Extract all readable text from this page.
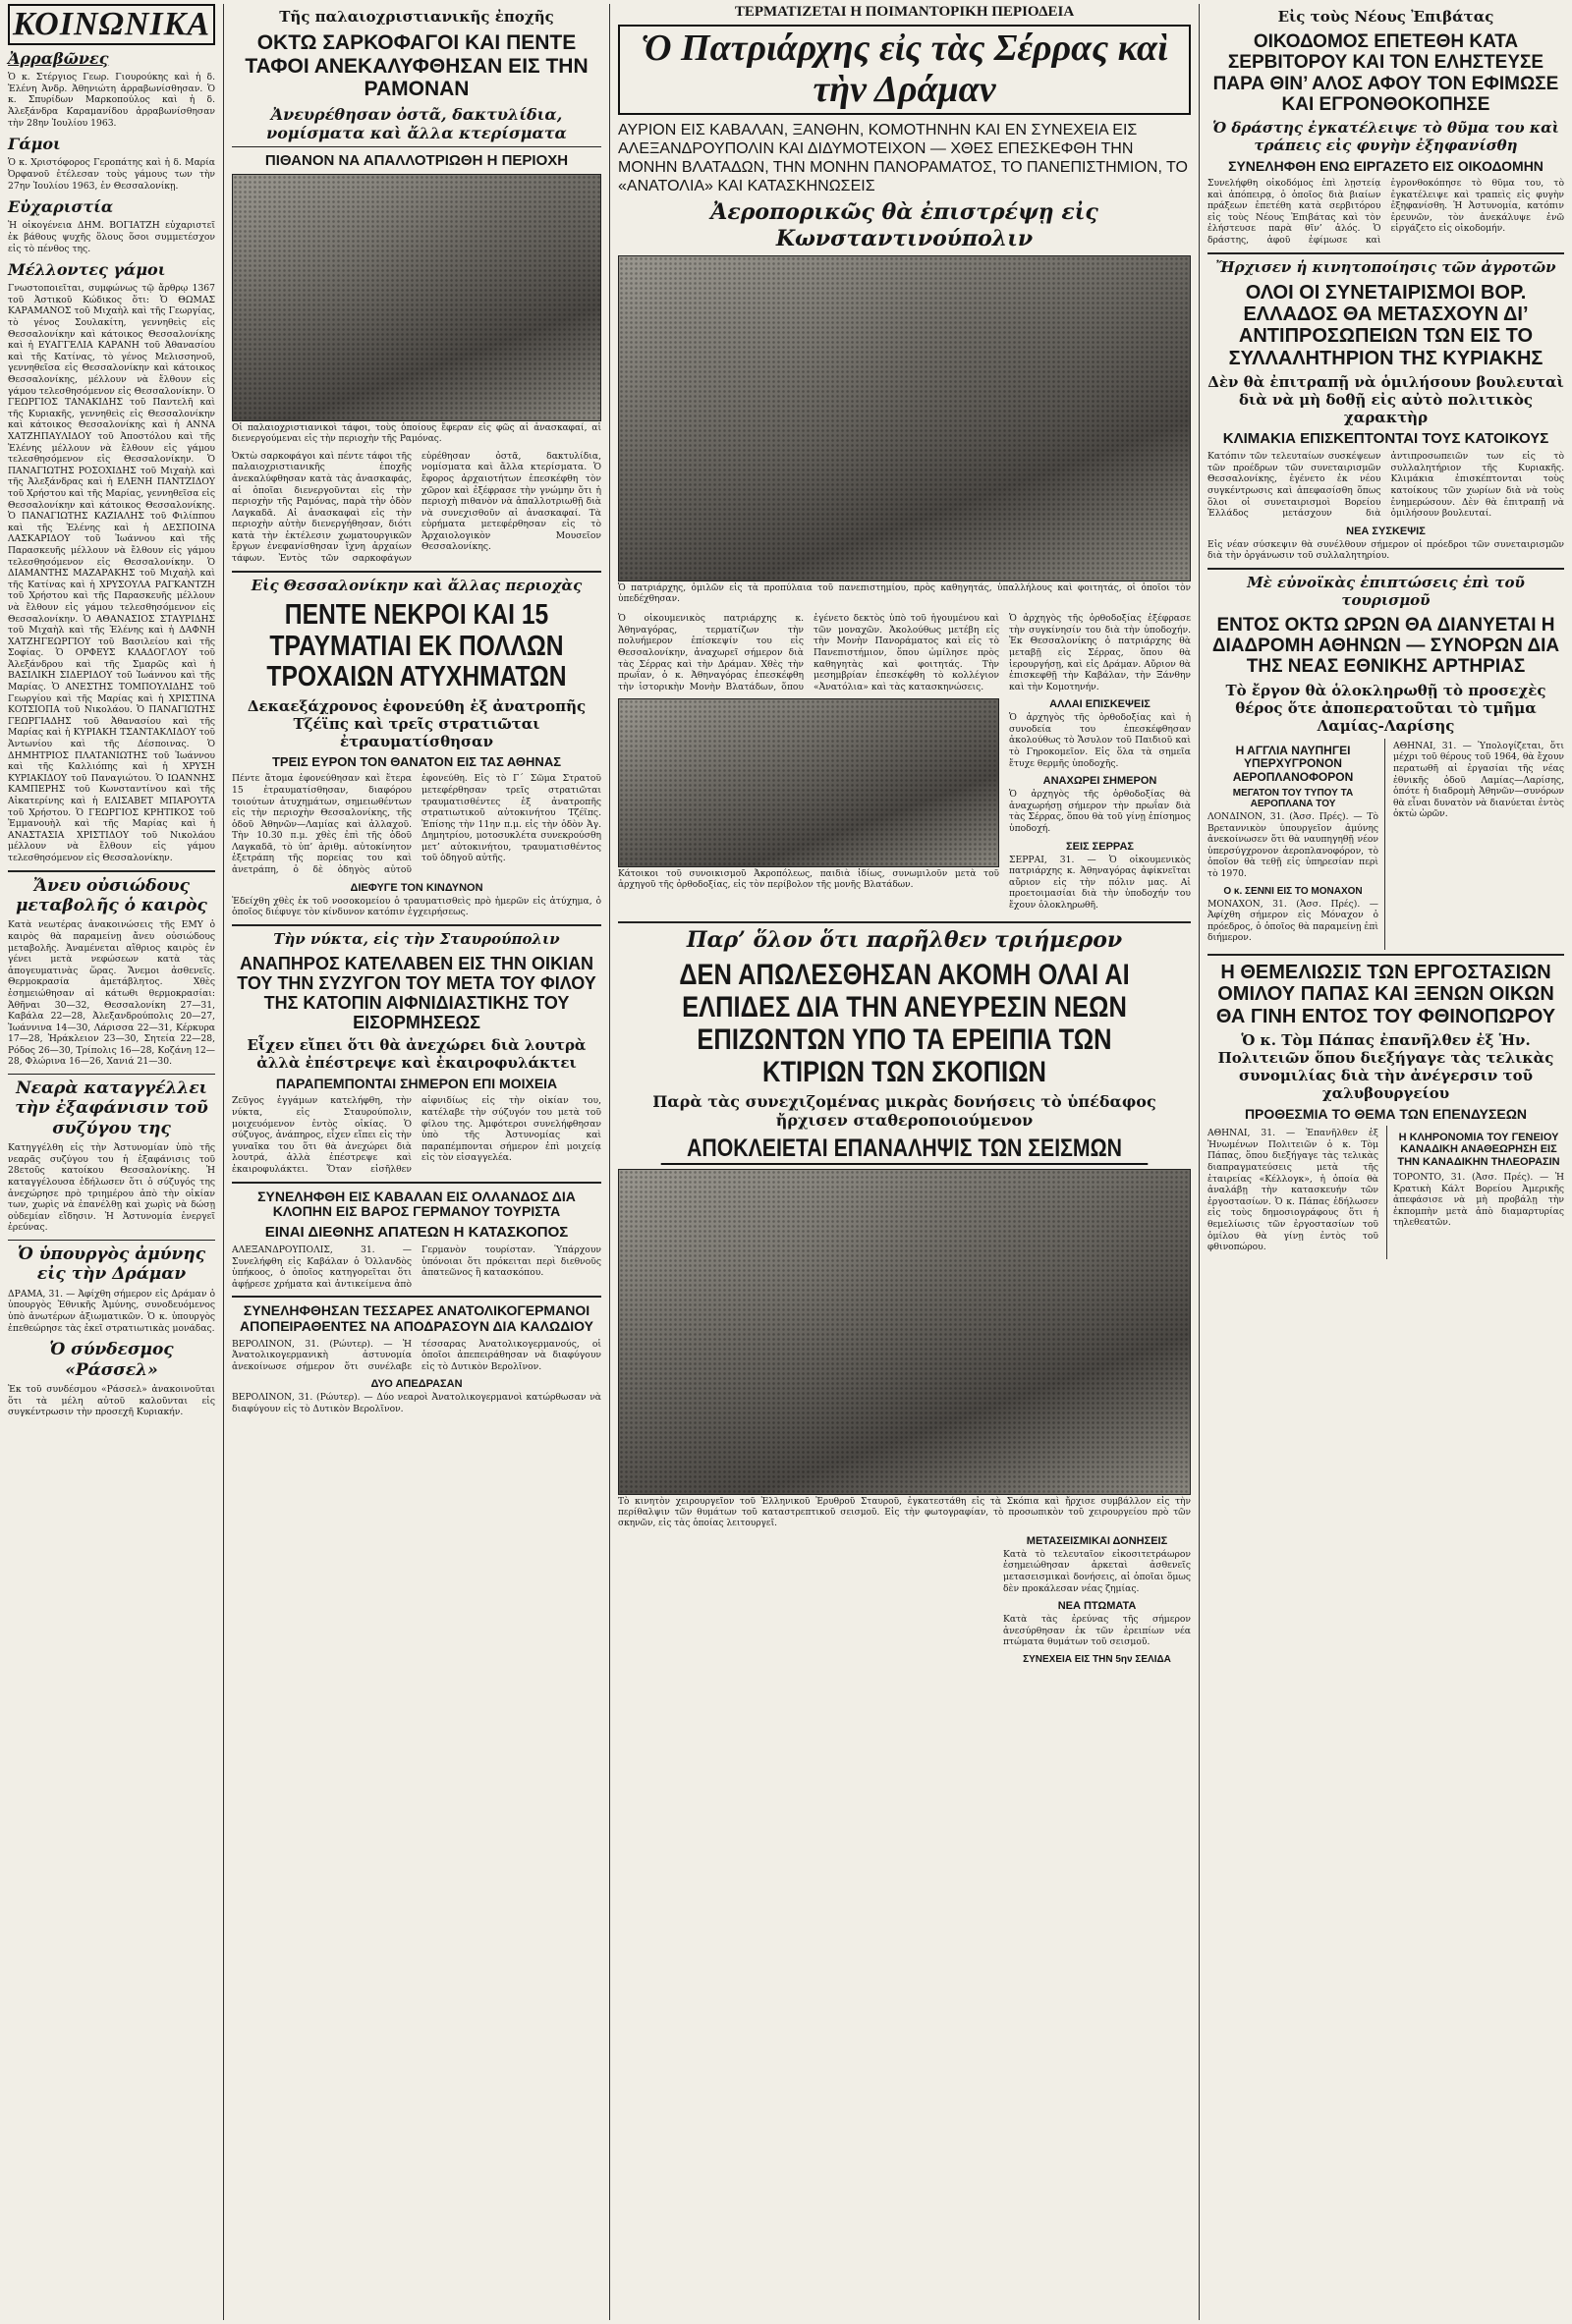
ΚΟΙΝΩΝΙΚΑ
Ἀρραβῶνες

Ὁ κ. Στέργιος Γεωρ. Γιουρούκης καὶ ἡ δ. Ἑλένη Ἀνδρ. Ἀθηνιώτη ἀρραβωνίσθησαν. Ὁ κ. Σπυρίδων Μαρκοπούλος καὶ ἡ δ. Ἀλεξάνδρα Καραμανίδου ἀρραβωνίσθησαν τὴν 28ην Ἰουλίου 1963.

Γάμοι

Ὁ κ. Χριστόφορος Γεροπάτης καὶ ἡ δ. Μαρία Ὀρφανοῦ ἐτέλεσαν τοὺς γάμους των τὴν 27ην Ἰουλίου 1963, ἐν Θεσσαλονίκῃ.

Εὐχαριστία

Ἡ οἰκογένεια ΔΗΜ. ΒΟΓΙΑΤΖΗ εὐχαριστεῖ ἐκ βάθους ψυχῆς ὅλους ὅσοι συμμετέσχον εἰς τὸ πένθος της.

Μέλλοντες γάμοι

Γνωστοποιεῖται, συμφώνως τῷ ἄρθρῳ 1367 τοῦ Ἀστικοῦ Κώδικος ὅτι: Ὁ ΘΩΜΑΣ ΚΑΡΑΜΑΝΟΣ τοῦ Μιχαὴλ καὶ τῆς Γεωργίας, τὸ γένος Σουλακίτη, γεννηθεὶς εἰς Θεσσαλονίκην καὶ κάτοικος Θεσσαλονίκης καὶ ἡ ΕΥΑΓΓΕΛΙΑ ΚΑΡΑΝΗ τοῦ Ἀθανασίου καὶ τῆς Κατίνας, τὸ γένος Μελισσηνοῦ, γεννηθεῖσα εἰς Θεσσαλονίκην καὶ κάτοικος Θεσσαλονίκης, μέλλουν νὰ ἔλθουν εἰς γάμου τελεσθησόμενον εἰς Θεσσαλονίκην. Ὁ ΓΕΩΡΓΙΟΣ ΤΑΝΑΚΙΔΗΣ τοῦ Παντελῆ καὶ τῆς Κυριακῆς, γεννηθεὶς εἰς Θεσσαλονίκην καὶ κάτοικος Θεσσαλονίκης καὶ ἡ ΑΝΝΑ ΧΑΤΖΗΠΑΥΛΙΔΟΥ τοῦ Ἀποστόλου καὶ τῆς Ἑλένης μέλλουν νὰ ἔλθουν εἰς γάμου τελεσθησόμενον εἰς Θεσσαλονίκην. Ὁ ΠΑΝΑΓΙΩΤΗΣ ΡΟΣΟΧΙΔΗΣ τοῦ Μιχαὴλ καὶ τῆς Ἀλεξάνδρας καὶ ἡ ΕΛΕΝΗ ΠΑΝΤΖΙΔΟΥ τοῦ Χρήστου καὶ τῆς Μαρίας, γεννηθεῖσα εἰς Θεσσαλονίκην καὶ κάτοικος Θεσσαλονίκης. Ὁ ΠΑΝΑΓΙΩΤΗΣ ΚΑΖΙΑΛΗΣ τοῦ Φιλίππου καὶ τῆς Ἑλένης καὶ ἡ ΔΕΣΠΟΙΝΑ ΛΑΣΚΑΡΙΔΟΥ τοῦ Ἰωάννου καὶ τῆς Παρασκευῆς μέλλουν νὰ ἔλθουν εἰς γάμου τελεσθησόμενον εἰς Θεσσαλονίκην. Ὁ ΔΙΑΜΑΝΤΗΣ ΜΑΖΑΡΑΚΗΣ τοῦ Μιχαὴλ καὶ τῆς Κατίνας καὶ ἡ ΧΡΥΣΟΥΛΑ ΡΑΓΚΑΝΤΖΗ τοῦ Χρήστου καὶ τῆς Παρασκευῆς μέλλουν νὰ ἔλθουν εἰς γάμου τελεσθησόμενον εἰς Θεσσαλονίκην. Ὁ ΑΘΑΝΑΣΙΟΣ ΣΤΑΥΡΙΔΗΣ τοῦ Μιχαὴλ καὶ τῆς Ἑλένης καὶ ἡ ΔΑΦΝΗ ΧΑΤΖΗΓΕΩΡΓΙΟΥ τοῦ Βασιλείου καὶ τῆς Σοφίας. Ὁ ΟΡΦΕΥΣ ΚΛΑΔΟΓΛΟΥ τοῦ Ἀλεξάνδρου καὶ τῆς Σμαρῶς καὶ ἡ ΒΑΣΙΛΙΚΗ ΣΙΔΕΡΙΔΟΥ τοῦ Ἰωάννου καὶ τῆς Μαρίας. Ὁ ΑΝΕΣΤΗΣ ΤΟΜΠΟΥΛΙΔΗΣ τοῦ Γεωργίου καὶ τῆς Μαρίας καὶ ἡ ΧΡΙΣΤΙΝΑ ΚΟΤΣΙΟΠΑ τοῦ Νικολάου. Ὁ ΠΑΝΑΓΙΩΤΗΣ ΓΕΩΡΓΙΑΔΗΣ τοῦ Ἀθανασίου καὶ τῆς Μαρίας καὶ ἡ ΚΥΡΙΑΚΗ ΤΣΑΝΤΑΚΛΙΔΟΥ τοῦ Ἀντωνίου καὶ τῆς Δέσποινας. Ὁ ΔΗΜΗΤΡΙΟΣ ΠΛΑΤΑΝΙΩΤΗΣ τοῦ Ἰωάννου καὶ τῆς Καλλιόπης καὶ ἡ ΧΡΥΣΗ ΚΥΡΙΑΚΙΔΟΥ τοῦ Παναγιώτου. Ὁ ΙΩΑΝΝΗΣ ΚΑΜΠΕΡΗΣ τοῦ Κωνσταντίνου καὶ τῆς Αἰκατερίνης καὶ ἡ ΕΛΙΣΑΒΕΤ ΜΠΑΡΟΥΤΑ τοῦ Χρήστου. Ὁ ΓΕΩΡΓΙΟΣ ΚΡΗΤΙΚΟΣ τοῦ Ἐμμανουὴλ καὶ τῆς Μαρίας καὶ ἡ ΑΝΑΣΤΑΣΙΑ ΧΡΙΣΤΙΔΟΥ τοῦ Νικολάου μέλλουν νὰ ἔλθουν εἰς γάμου τελεσθησόμενον εἰς Θεσσαλονίκην.

Ἄνευ οὐσιώδους μεταβολῆς ὁ καιρὸς

Κατὰ νεωτέρας ἀνακοινώσεις τῆς ΕΜΥ ὁ καιρὸς θὰ παραμείνῃ ἄνευ οὐσιώδους μεταβολῆς. Ἀναμένεται αἴθριος καιρὸς ἐν γένει μετὰ νεφώσεων κατὰ τὰς ἀπογευματινὰς ὥρας. Ἄνεμοι ἀσθενεῖς. Θερμοκρασία ἀμετάβλητος. Χθὲς ἐσημειώθησαν αἱ κάτωθι θερμοκρασίαι: Ἀθῆναι 30—32, Θεσσαλονίκη 27—31, Καβάλα 22—28, Ἀλεξανδρούπολις 20—27, Ἰωάννινα 14—30, Λάρισσα 22—31, Κέρκυρα 17—28, Ἡράκλειον 23—30, Σητεία 22—28, Ρόδος 26—30, Τρίπολις 16—28, Κοζάνη 12—28, Φλώρινα 16—26, Χανιά 21—30.

Νεαρὰ καταγγέλλει τὴν ἐξαφάνισιν τοῦ συζύγου της

Κατηγγέλθη εἰς τὴν Ἀστυνομίαν ὑπὸ τῆς νεαρᾶς συζύγου του ἡ ἐξαφάνισις τοῦ 28ετοῦς κατοίκου Θεσσαλονίκης. Ἡ καταγγέλουσα ἐδήλωσεν ὅτι ὁ σύζυγός της ἀνεχώρησε πρὸ τριημέρου ἀπὸ τὴν οἰκίαν των, χωρὶς νὰ ἐπανέλθῃ καὶ χωρὶς νὰ δώσῃ οὐδεμίαν εἴδησιν. Ἡ Ἀστυνομία ἐνεργεῖ ἐρεύνας.

Ὁ ὑπουργὸς ἀμύνης εἰς τὴν Δράμαν

ΔΡΑΜΑ, 31. — Ἀφίχθη σήμερον εἰς Δράμαν ὁ ὑπουργὸς Ἐθνικῆς Ἀμύνης, συνοδευόμενος ὑπὸ ἀνωτέρων ἀξιωματικῶν. Ὁ κ. ὑπουργὸς ἐπεθεώρησε τὰς ἐκεῖ στρατιωτικὰς μονάδας.

Ὁ σύνδεσμος «Ράσσελ»

Ἐκ τοῦ συνδέσμου «Ράσσελ» ἀνακοινοῦται ὅτι τὰ μέλη αὐτοῦ καλοῦνται εἰς συγκέντρωσιν τὴν προσεχῆ Κυριακήν.

Τῆς παλαιοχριστιανικῆς ἐποχῆς
ΟΚΤΩ ΣΑΡΚΟΦΑΓΟΙ ΚΑΙ ΠΕΝΤΕ ΤΑΦΟΙ ΑΝΕΚΑΛΥΦΘΗΣΑΝ ΕΙΣ ΤΗΝ ΡΑΜΟΝΑΝ
Ἀνευρέθησαν ὀστᾶ, δακτυλίδια, νομίσματα καὶ ἄλλα κτερίσματα
ΠΙΘΑΝΟΝ ΝΑ ΑΠΑΛΛΟΤΡΙΩΘΗ Η ΠΕΡΙΟΧΗ

Οἱ παλαιοχριστιανικοὶ τάφοι, τοὺς ὁποίους ἔφεραν εἰς φῶς αἱ ἀνασκαφαί, αἱ διενεργούμεναι εἰς τὴν περιοχὴν τῆς Ραμόνας.

Ὀκτὼ σαρκοφάγοι καὶ πέντε τάφοι τῆς παλαιοχριστιανικῆς ἐποχῆς ἀνεκαλύφθησαν κατὰ τὰς ἀνασκαφάς, αἱ ὁποῖαι διενεργοῦνται εἰς τὴν περιοχὴν τῆς Ραμόνας, παρὰ τὴν ὁδὸν Λαγκαδᾶ. Αἱ ἀνασκαφαὶ εἰς τὴν περιοχὴν αὐτὴν διενεργήθησαν, διότι κατὰ τὴν ἐκτέλεσιν χωματουργικῶν ἔργων ἐνεφανίσθησαν ἴχνη ἀρχαίων τάφων. Ἐντὸς τῶν σαρκοφάγων εὑρέθησαν ὀστᾶ, δακτυλίδια, νομίσματα καὶ ἄλλα κτερίσματα. Ὁ ἔφορος ἀρχαιοτήτων ἐπεσκέφθη τὸν χῶρον καὶ ἐξέφρασε τὴν γνώμην ὅτι ἡ περιοχὴ πιθανὸν νὰ ἀπαλλοτριωθῇ διὰ νὰ συνεχισθοῦν αἱ ἀνασκαφαί. Τὰ εὑρήματα μετεφέρθησαν εἰς τὸ Ἀρχαιολογικὸν Μουσεῖον Θεσσαλονίκης.

Εἰς Θεσσαλονίκην καὶ ἄλλας περιοχὰς
ΠΕΝΤΕ ΝΕΚΡΟΙ ΚΑΙ 15 ΤΡΑΥΜΑΤΙΑΙ ΕΚ ΠΟΛΛΩΝ ΤΡΟΧΑΙΩΝ ΑΤΥΧΗΜΑΤΩΝ
Δεκαεξάχρονος ἐφονεύθη ἐξ ἀνατροπῆς Τζέϊπς καὶ τρεῖς στρατιῶται ἐτραυματίσθησαν
ΤΡΕΙΣ ΕΥΡΟΝ ΤΟΝ ΘΑΝΑΤΟΝ ΕΙΣ ΤΑΣ ΑΘΗΝΑΣ

Πέντε ἄτομα ἐφονεύθησαν καὶ ἕτερα 15 ἐτραυματίσθησαν, διαφόρου τοιούτων ἀτυχημάτων, σημειωθέντων εἰς τὴν περιοχὴν Θεσσαλονίκης, τῆς ὁδοῦ Ἀθηνῶν—Λαμίας καὶ ἀλλαχοῦ. Τὴν 10.30 π.μ. χθὲς ἐπὶ τῆς ὁδοῦ Λαγκαδᾶ, τὸ ὑπ’ ἀριθμ. αὐτοκίνητον ἐξετράπη τῆς πορείας του καὶ ἀνετράπη, ὁ δὲ ὁδηγὸς αὐτοῦ ἐφονεύθη. Εἰς τὸ Γ΄ Σῶμα Στρατοῦ μετεφέρθησαν τρεῖς στρατιῶται τραυματισθέντες ἐξ ἀνατροπῆς στρατιωτικοῦ αὐτοκινήτου Τζέϊπς. Ἐπίσης τὴν 11ην π.μ. εἰς τὴν ὁδὸν Ἀγ. Δημητρίου, μοτοσυκλέτα συνεκρούσθη μετ’ αὐτοκινήτου, τραυματισθέντος τοῦ ὁδηγοῦ αὐτῆς.

ΔΙΕΦΥΓΕ ΤΟΝ ΚΙΝΔΥΝΟΝ

Ἐδείχθη χθὲς ἐκ τοῦ νοσοκομείου ὁ τραυματισθεὶς πρὸ ἡμερῶν εἰς ἀτύχημα, ὁ ὁποῖος διέφυγε τὸν κίνδυνον κατόπιν ἐγχειρήσεως.

Τὴν νύκτα, εἰς τὴν Σταυρούπολιν
ΑΝΑΠΗΡΟΣ ΚΑΤΕΛΑΒΕΝ ΕΙΣ ΤΗΝ ΟΙΚΙΑΝ ΤΟΥ ΤΗΝ ΣΥΖΥΓΟΝ ΤΟΥ ΜΕΤΑ ΤΟΥ ΦΙΛΟΥ ΤΗΣ ΚΑΤΟΠΙΝ ΑΙΦΝΙΔΙΑΣΤΙΚΗΣ ΤΟΥ ΕΙΣΟΡΜΗΣΕΩΣ
Εἶχεν εἴπει ὅτι θὰ ἀνεχώρει διὰ λουτρὰ ἀλλὰ ἐπέστρεψε καὶ ἐκαιροφυλάκτει
ΠΑΡΑΠΕΜΠΟΝΤΑΙ ΣΗΜΕΡΟΝ ΕΠΙ ΜΟΙΧΕΙΑ

Ζεῦγος ἐγγάμων κατελήφθη, τὴν νύκτα, εἰς Σταυρούπολιν, μοιχευόμενον ἐντὸς οἰκίας. Ὁ σύζυγος, ἀνάπηρος, εἶχεν εἴπει εἰς τὴν γυναῖκα του ὅτι θὰ ἀνεχώρει διὰ λουτρά, ἀλλὰ ἐπέστρεψε καὶ ἐκαιροφυλάκτει. Ὅταν εἰσῆλθεν αἰφνιδίως εἰς τὴν οἰκίαν του, κατέλαβε τὴν σύζυγόν του μετὰ τοῦ φίλου της. Ἀμφότεροι συνελήφθησαν ὑπὸ τῆς Ἀστυνομίας καὶ παραπέμπονται σήμερον ἐπὶ μοιχείᾳ εἰς τὸν εἰσαγγελέα.

ΣΥΝΕΛΗΦΘΗ ΕΙΣ ΚΑΒΑΛΑΝ ΕΙΣ ΟΛΛΑΝΔΟΣ ΔΙΑ ΚΛΟΠΗΝ ΕΙΣ ΒΑΡΟΣ ΓΕΡΜΑΝΟΥ ΤΟΥΡΙΣΤΑ
ΕΙΝΑΙ ΔΙΕΘΝΗΣ ΑΠΑΤΕΩΝ Η ΚΑΤΑΣΚΟΠΟΣ

ΑΛΕΞΑΝΔΡΟΥΠΟΛΙΣ, 31. — Συνελήφθη εἰς Καβάλαν ὁ Ὁλλανδὸς ὑπήκοος, ὁ ὁποῖος κατηγορεῖται ὅτι ἀφῄρεσε χρήματα καὶ ἀντικείμενα ἀπὸ Γερμανὸν τουρίσταν. Ὑπάρχουν ὑπόνοιαι ὅτι πρόκειται περὶ διεθνοῦς ἀπατεῶνος ἢ κατασκόπου.

ΣΥΝΕΛΗΦΘΗΣΑΝ ΤΕΣΣΑΡΕΣ ΑΝΑΤΟΛΙΚΟΓΕΡΜΑΝΟΙ ΑΠΟΠΕΙΡΑΘΕΝΤΕΣ ΝΑ ΑΠΟΔΡΑΣΟΥΝ ΔΙΑ ΚΑΛΩΔΙΟΥ

ΒΕΡΟΛΙΝΟΝ, 31. (Ρώυτερ). — Ἡ Ἀνατολικογερμανικὴ ἀστυνομία ἀνεκοίνωσε σήμερον ὅτι συνέλαβε τέσσαρας Ἀνατολικογερμανούς, οἱ ὁποῖοι ἀπεπειράθησαν νὰ διαφύγουν εἰς τὸ Δυτικὸν Βερολῖνον.

ΔΥΟ ΑΠΕΔΡΑΣΑΝ

ΒΕΡΟΛΙΝΟΝ, 31. (Ρώυτερ). — Δύο νεαροὶ Ἀνατολικογερμανοὶ κατώρθωσαν νὰ διαφύγουν εἰς τὸ Δυτικὸν Βερολῖνον.

ΤΕΡΜΑΤΙΖΕΤΑΙ Η ΠΟΙΜΑΝΤΟΡΙΚΗ ΠΕΡΙΟΔΕΙΑ
Ὁ Πατριάρχης εἰς τὰς Σέρρας καὶ τὴν Δράμαν
ΑΥΡΙΟΝ ΕΙΣ ΚΑΒΑΛΑΝ, ΞΑΝΘΗΝ, ΚΟΜΟΤΗΝΗΝ ΚΑΙ ΕΝ ΣΥΝΕΧΕΙΑ ΕΙΣ ΑΛΕΞΑΝΔΡΟΥΠΟΛΙΝ ΚΑΙ ΔΙΔΥΜΟΤΕΙΧΟΝ — ΧΘΕΣ ΕΠΕΣΚΕΦΘΗ ΤΗΝ ΜΟΝΗΝ ΒΛΑΤΑΔΩΝ, ΤΗΝ ΜΟΝΗΝ ΠΑΝΟΡΑΜΑΤΟΣ, ΤΟ ΠΑΝΕΠΙΣΤΗΜΙΟΝ, ΤΟ «ΑΝΑΤΟΛΙΑ» ΚΑΙ ΚΑΤΑΣΚΗΝΩΣΕΙΣ
Ἀεροπορικῶς θὰ ἐπιστρέψῃ εἰς Κωνσταντινούπολιν

Ὁ πατριάρχης, ὁμιλῶν εἰς τὰ προπύλαια τοῦ πανεπιστημίου, πρὸς καθηγητάς, ὑπαλλήλους καὶ φοιτητάς, οἱ ὁποῖοι τὸν ὑπεδέχθησαν.

Ὁ οἰκουμενικὸς πατριάρχης κ. Ἀθηναγόρας, τερματίζων τὴν πολυήμερον ἐπίσκεψίν του εἰς Θεσσαλονίκην, ἀναχωρεῖ σήμερον διὰ τὰς Σέρρας καὶ τὴν Δράμαν. Χθὲς τὴν πρωΐαν, ὁ κ. Ἀθηναγόρας ἐπεσκέφθη τὴν ἱστορικὴν Μονὴν Βλατάδων, ὅπου ἐγένετο δεκτὸς ὑπὸ τοῦ ἡγουμένου καὶ τῶν μοναχῶν. Ἀκολούθως μετέβη εἰς τὴν Μονὴν Πανοράματος καὶ εἰς τὸ Πανεπιστήμιον, ὅπου ὡμίλησε πρὸς καθηγητὰς καὶ φοιτητάς. Τὴν μεσημβρίαν ἐπεσκέφθη τὸ κολλέγιον «Ἀνατόλια» καὶ τὰς κατασκηνώσεις.

Κάτοικοι τοῦ συνοικισμοῦ Ἀκροπόλεως, παιδιὰ ἰδίως, συνωμιλοῦν μετὰ τοῦ ἀρχηγοῦ τῆς ὀρθοδοξίας, εἰς τὸν περίβολον τῆς μονῆς Βλατάδων.

Ὁ ἀρχηγὸς τῆς ὀρθοδοξίας ἐξέφρασε τὴν συγκίνησίν του διὰ τὴν ὑποδοχήν. Ἐκ Θεσσαλονίκης ὁ πατριάρχης θὰ μεταβῇ εἰς Σέρρας, ὅπου θὰ ἱερουργήσῃ, καὶ εἰς Δράμαν. Αὔριον θὰ ἐπισκεφθῇ τὴν Καβάλαν, τὴν Ξάνθην καὶ τὴν Κομοτηνήν.

ΑΛΛΑΙ ΕΠΙΣΚΕΨΕΙΣ

Ὁ ἀρχηγὸς τῆς ὀρθοδοξίας καὶ ἡ συνοδεία του ἐπεσκέφθησαν ἀκολούθως τὸ Ἄσυλον τοῦ Παιδιοῦ καὶ τὸ Γηροκομεῖον. Εἰς ὅλα τὰ σημεῖα ἔτυχε θερμῆς ὑποδοχῆς.

ΑΝΑΧΩΡΕΙ ΣΗΜΕΡΟΝ

Ὁ ἀρχηγὸς τῆς ὀρθοδοξίας θὰ ἀναχωρήσῃ σήμερον τὴν πρωΐαν διὰ τὰς Σέρρας, ὅπου θὰ τοῦ γίνῃ ἐπίσημος ὑποδοχή.

ΣΕΙΣ ΣΕΡΡΑΣ

ΣΕΡΡΑΙ, 31. — Ὁ οἰκουμενικὸς πατριάρχης κ. Ἀθηναγόρας ἀφίκνεῖται αὔριον εἰς τὴν πόλιν μας. Αἱ προετοιμασίαι διὰ τὴν ὑποδοχήν του ἔχουν ὁλοκληρωθῆ.

Παρ’ ὅλον ὅτι παρῆλθεν τριήμερον
ΔΕΝ ΑΠΩΛΕΣΘΗΣΑΝ ΑΚΟΜΗ ΟΛΑΙ ΑΙ ΕΛΠΙΔΕΣ ΔΙΑ ΤΗΝ ΑΝΕΥΡΕΣΙΝ ΝΕΩΝ ΕΠΙΖΩΝΤΩΝ ΥΠΟ ΤΑ ΕΡΕΙΠΙΑ ΤΩΝ ΚΤΙΡΙΩΝ ΤΩΝ ΣΚΟΠΙΩΝ
Παρὰ τὰς συνεχιζομένας μικρὰς δονήσεις τὸ ὑπέδαφος ἤρχισεν σταθεροποιούμενον
ΑΠΟΚΛΕΙΕΤΑΙ ΕΠΑΝΑΛΗΨΙΣ ΤΩΝ ΣΕΙΣΜΩΝ

Τὸ κινητὸν χειρουργεῖον τοῦ Ἑλληνικοῦ Ἐρυθροῦ Σταυροῦ, ἐγκατεστάθη εἰς τὰ Σκόπια καὶ ἤρχισε συμβάλλον εἰς τὴν περίθαλψιν τῶν θυμάτων τοῦ καταστρεπτικοῦ σεισμοῦ. Εἰς τὴν φωτογραφίαν, τὸ προσωπικὸν τοῦ χειρουργείου πρὸ τῶν σκηνῶν, εἰς τὰς ὁποίας λειτουργεῖ.

ΜΕΤΑΣΕΙΣΜΙΚΑΙ ΔΟΝΗΣΕΙΣ

Κατὰ τὸ τελευταῖον εἰκοσιτετράωρον ἐσημειώθησαν ἀρκεταὶ ἀσθενεῖς μετασεισμικαὶ δονήσεις, αἱ ὁποῖαι ὅμως δὲν προκάλεσαν νέας ζημίας.

ΝΕΑ ΠΤΩΜΑΤΑ

Κατὰ τὰς ἐρεύνας τῆς σήμερον ἀνεσύρθησαν ἐκ τῶν ἐρειπίων νέα πτώματα θυμάτων τοῦ σεισμοῦ.

ΣΥΝΕΧΕΙΑ ΕΙΣ ΤΗΝ 5ην ΣΕΛΙΔΑ
Εἰς τοὺς Νέους Ἐπιβάτας
ΟΙΚΟΔΟΜΟΣ ΕΠΕΤΕΘΗ ΚΑΤΑ ΣΕΡΒΙΤΟΡΟΥ ΚΑΙ ΤΟΝ ΕΛΗΣΤΕΥΣΕ ΠΑΡΑ ΘΙΝ’ ΑΛΟΣ ΑΦΟΥ ΤΟΝ ΕΦΙΜΩΣΕ ΚΑΙ ΕΓΡΟΝΘΟΚΟΠΗΣΕ
Ὁ δράστης ἐγκατέλειψε τὸ θῦμα του καὶ τράπεις εἰς φυγὴν ἐξηφανίσθη
ΣΥΝΕΛΗΦΘΗ ΕΝΩ ΕΙΡΓΑΖΕΤΟ ΕΙΣ ΟΙΚΟΔΟΜΗΝ

Συνελήφθη οἰκοδόμος ἐπὶ λῃστείᾳ καὶ ἀπόπειρᾳ, ὁ ὁποῖος διὰ βιαίων πράξεων ἐπετέθη κατὰ σερβιτόρου εἰς τοὺς Νέους Ἐπιβάτας καὶ τὸν ἐλήστευσε παρὰ θῖν’ ἁλός. Ὁ δράστης, ἀφοῦ ἐφίμωσε καὶ ἐγρονθοκόπησε τὸ θῦμα του, τὸ ἐγκατέλειψε καὶ τραπεὶς εἰς φυγὴν ἐξηφανίσθη. Ἡ Ἀστυνομία, κατόπιν ἐρευνῶν, τὸν ἀνεκάλυψε ἐνῶ εἰργάζετο εἰς οἰκοδομήν.

Ἤρχισεν ἡ κινητοποίησις τῶν ἀγροτῶν
ΟΛΟΙ ΟΙ ΣΥΝΕΤΑΙΡΙΣΜΟΙ ΒΟΡ. ΕΛΛΑΔΟΣ ΘΑ ΜΕΤΑΣΧΟΥΝ ΔΙ’ ΑΝΤΙΠΡΟΣΩΠΕΙΩΝ ΤΩΝ ΕΙΣ ΤΟ ΣΥΛΛΑΛΗΤΗΡΙΟΝ ΤΗΣ ΚΥΡΙΑΚΗΣ
Δὲν θὰ ἐπιτραπῇ νὰ ὁμιλήσουν βουλευταὶ διὰ νὰ μὴ δοθῇ εἰς αὐτὸ πολιτικὸς χαρακτὴρ
ΚΛΙΜΑΚΙΑ ΕΠΙΣΚΕΠΤΟΝΤΑΙ ΤΟΥΣ ΚΑΤΟΙΚΟΥΣ

Κατόπιν τῶν τελευταίων συσκέψεων τῶν προέδρων τῶν συνεταιρισμῶν Θεσσαλονίκης, ἐγένετο ἐκ νέου συγκέντρωσις καὶ ἀπεφασίσθη ὅπως ὅλοι οἱ συνεταιρισμοὶ Βορείου Ἑλλάδος μετάσχουν διὰ ἀντιπροσωπειῶν των εἰς τὸ συλλαλητήριον τῆς Κυριακῆς. Κλιμάκια ἐπισκέπτονται τοὺς κατοίκους τῶν χωρίων διὰ νὰ τοὺς ἐνημερώσουν. Δὲν θὰ ἐπιτραπῇ νὰ ὁμιλήσουν βουλευταί.

ΝΕΑ ΣΥΣΚΕΨΙΣ

Εἰς νέαν σύσκεψιν θὰ συνέλθουν σήμερον οἱ πρόεδροι τῶν συνεταιρισμῶν διὰ τὴν ὀργάνωσιν τοῦ συλλαλητηρίου.

Μὲ εὐνοϊκὰς ἐπιπτώσεις ἐπὶ τοῦ τουρισμοῦ
ΕΝΤΟΣ ΟΚΤΩ ΩΡΩΝ ΘΑ ΔΙΑΝΥΕΤΑΙ Η ΔΙΑΔΡΟΜΗ ΑΘΗΝΩΝ — ΣΥΝΟΡΩΝ ΔΙΑ ΤΗΣ ΝΕΑΣ ΕΘΝΙΚΗΣ ΑΡΤΗΡΙΑΣ
Τὸ ἔργον θὰ ὁλοκληρωθῇ τὸ προσεχὲς θέρος ὅτε ἀποπερατοῦται τὸ τμῆμα Λαμίας-Λαρίσης
Η ΑΓΓΛΙΑ ΝΑΥΠΗΓΕΙ ΥΠΕΡΧΥΓΡΟΝΟΝ ΑΕΡΟΠΛΑΝΟΦΟΡΟΝ
ΜΕΓΑΤΟΝ ΤΟΥ ΤΥΠΟΥ ΤΑ ΑΕΡΟΠΛΑΝΑ ΤΟΥ

ΛΟΝΔΙΝΟΝ, 31. (Ἀσσ. Πρές). — Τὸ Βρεταννικὸν ὑπουργεῖον ἀμύνης ἀνεκοίνωσεν ὅτι θὰ ναυπηγηθῇ νέον ὑπερσύγχρονον ἀεροπλανοφόρον, τὸ ὁποῖον θὰ τεθῇ εἰς ὑπηρεσίαν περὶ τὸ 1970.

Ο κ. ΣΕΝΝΙ ΕΙΣ ΤΟ ΜΟΝΑΧΟΝ

ΜΟΝΑΧΟΝ, 31. (Ἀσσ. Πρές). — Ἀφίχθη σήμερον εἰς Μόναχον ὁ πρόεδρος, ὁ ὁποῖος θὰ παραμείνῃ ἐπὶ διήμερον.

ΑΘΗΝΑΙ, 31. — Ὑπολογίζεται, ὅτι μέχρι τοῦ θέρους τοῦ 1964, θὰ ἔχουν περατωθῆ αἱ ἐργασίαι τῆς νέας ἐθνικῆς ὁδοῦ Λαμίας—Λαρίσης, ὁπότε ἡ διαδρομὴ Ἀθηνῶν—συνόρων θὰ εἶναι δυνατὸν νὰ διανύεται ἐντὸς ὀκτὼ ὡρῶν.

Η ΘΕΜΕΛΙΩΣΙΣ ΤΩΝ ΕΡΓΟΣΤΑΣΙΩΝ ΟΜΙΛΟΥ ΠΑΠΑΣ ΚΑΙ ΞΕΝΩΝ ΟΙΚΩΝ ΘΑ ΓΙΝΗ ΕΝΤΟΣ ΤΟΥ ΦΘΙΝΟΠΩΡΟΥ
Ὁ κ. Τὸμ Πάπας ἐπανῆλθεν ἐξ Ἡν. Πολιτειῶν ὅπου διεξήγαγε τὰς τελικὰς συνομιλίας διὰ τὴν ἀνέγερσιν τοῦ χαλυβουργείου
ΠΡΟΘΕΣΜΙΑ ΤΟ ΘΕΜΑ ΤΩΝ ΕΠΕΝΔΥΣΕΩΝ

ΑΘΗΝΑΙ, 31. — Ἐπανῆλθεν ἐξ Ἡνωμένων Πολιτειῶν ὁ κ. Τὸμ Πάπας, ὅπου διεξήγαγε τὰς τελικὰς διαπραγματεύσεις μετὰ τῆς ἑταιρείας «Κέλλογκ», ἡ ὁποία θὰ ἀναλάβῃ τὴν κατασκευήν τῶν ἐργοστασίων. Ὁ κ. Πάπας ἐδήλωσεν εἰς τοὺς δημοσιογράφους ὅτι ἡ θεμελίωσις τῶν ἐργοστασίων τοῦ ὁμίλου θὰ γίνῃ ἐντὸς τοῦ φθινοπώρου.

Η ΚΛΗΡΟΝΟΜΙΑ ΤΟΥ ΓΕΝΕΙΟΥ ΚΑΝΑΔΙΚΗ ΑΝΑΘΕΩΡΗΣΗ ΕΙΣ ΤΗΝ ΚΑΝΑΔΙΚΗΝ ΤΗΛΕΟΡΑΣΙΝ

ΤΟΡΟΝΤΟ, 31. (Ἀσσ. Πρές). — Ἡ Κρατικὴ Κάλτ Βορείου Ἀμερικῆς ἀπεφάσισε νὰ μὴ προβάλῃ τὴν ἐκπομπὴν μετὰ ἀπὸ διαμαρτυρίας τηλεθεατῶν.
